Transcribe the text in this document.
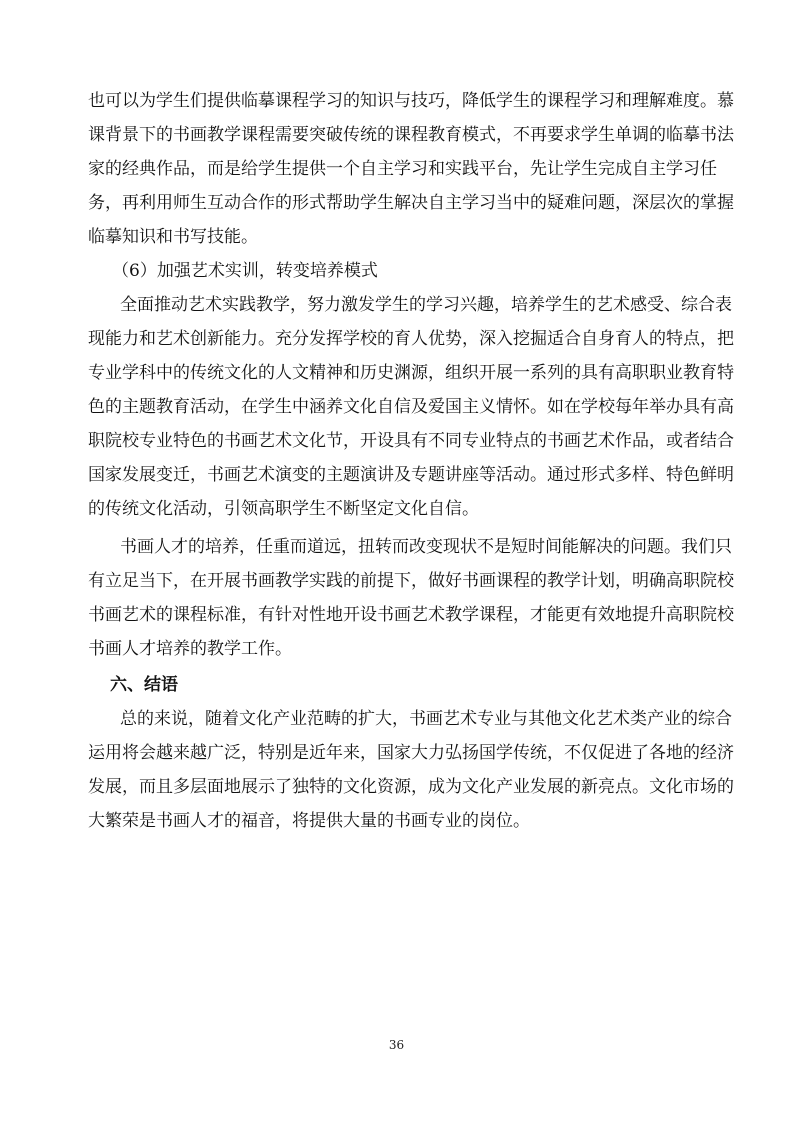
也可以为学生们提供临摹课程学习的知识与技巧，降低学生的课程学习和理解难度。慕
课背景下的书画教学课程需要突破传统的课程教育模式，不再要求学生单调的临摹书法
家的经典作品，而是给学生提供一个自主学习和实践平台，先让学生完成自主学习任
务，再利用师生互动合作的形式帮助学生解决自主学习当中的疑难问题，深层次的掌握
临摹知识和书写技能。
（6）加强艺术实训，转变培养模式
全面推动艺术实践教学，努力激发学生的学习兴趣，培养学生的艺术感受、综合表
现能力和艺术创新能力。充分发挥学校的育人优势，深入挖掘适合自身育人的特点，把
专业学科中的传统文化的人文精神和历史渊源，组织开展一系列的具有高职职业教育特
色的主题教育活动，在学生中涵养文化自信及爱国主义情怀。如在学校每年举办具有高
职院校专业特色的书画艺术文化节，开设具有不同专业特点的书画艺术作品，或者结合
国家发展变迁，书画艺术演变的主题演讲及专题讲座等活动。通过形式多样、特色鲜明
的传统文化活动，引领高职学生不断坚定文化自信。
书画人才的培养，任重而道远，扭转而改变现状不是短时间能解决的问题。我们只
有立足当下，在开展书画教学实践的前提下，做好书画课程的教学计划，明确高职院校
书画艺术的课程标准，有针对性地开设书画艺术教学课程，才能更有效地提升高职院校
书画人才培养的教学工作。
六、结语
总的来说，随着文化产业范畴的扩大，书画艺术专业与其他文化艺术类产业的综合
运用将会越来越广泛，特别是近年来，国家大力弘扬国学传统，不仅促进了各地的经济
发展，而且多层面地展示了独特的文化资源，成为文化产业发展的新亮点。文化市场的
大繁荣是书画人才的福音，将提供大量的书画专业的岗位。
36
